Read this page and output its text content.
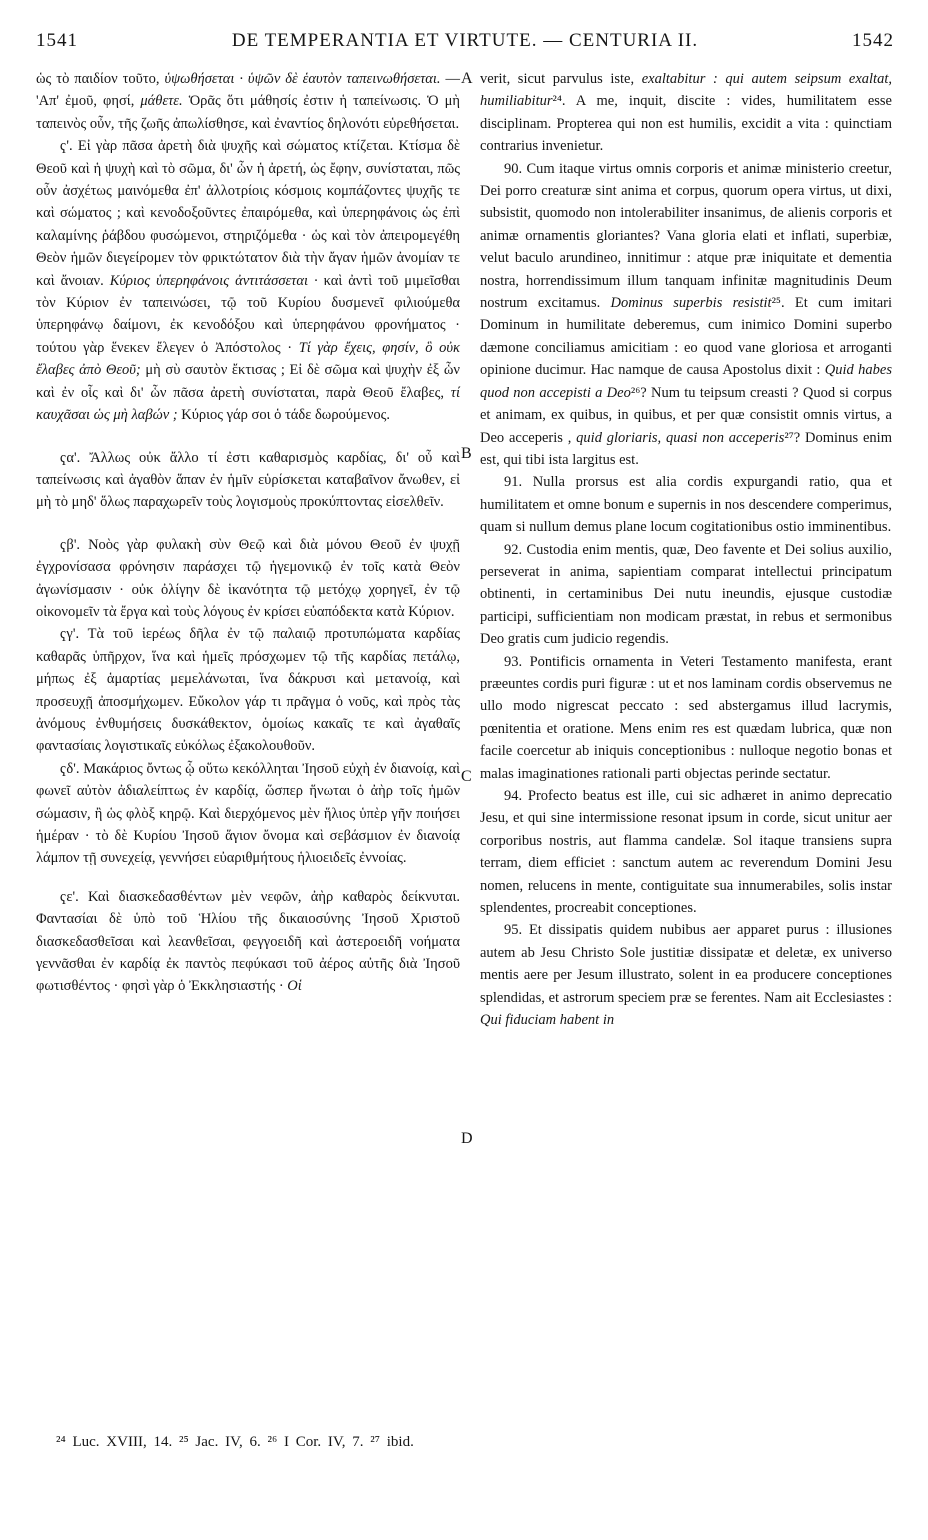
1541	DE TEMPERANTIA ET VIRTUTE. — CENTURIA II.	1542

ὡς τὸ παιδίον τοῦτο, ὑψωθήσεται · ὑψῶν δὲ ἑαυτὸν ταπεινωθήσεται. — 'Απ' ἐμοῦ, φησί, μάθετε. Ὁρᾶς ὅτι μάθησίς ἐστιν ἡ ταπείνωσις. Ὁ μὴ ταπεινὸς οὖν, τῆς ζωῆς ἀπωλίσθησε, καὶ ἐναντίος δηλονότι εὑρεθήσεται.

ҁ'. Εἰ γὰρ πᾶσα ἀρετὴ διὰ ψυχῆς καὶ σώματος κτίζεται. Κτίσμα δὲ Θεοῦ καὶ ἡ ψυχὴ καὶ τὸ σῶμα, δι' ὧν ἡ ἀρετή, ὡς ἔφην, συνίσταται, πῶς οὖν ἀσχέτως μαινόμεθα ἐπ' ἀλλοτρίοις κόσμοις κομπάζοντες ψυχῆς τε καὶ σώματος ; καὶ κενοδοξοῦντες ἐπαιρόμεθα, καὶ ὑπερηφάνοις ὡς ἐπὶ καλαμίνης ῥάβδου φυσώμενοι, στηριζόμεθα · ὡς καὶ τὸν ἀπειρομεγέθη Θεὸν ἡμῶν διεγείρομεν τὸν φρικτώτατον διὰ τὴν ἄγαν ἡμῶν ἀνομίαν τε καὶ ἄνοιαν. Κύριος ὑπερηφάνοις ἀντιτάσσεται · καὶ ἀντὶ τοῦ μιμεῖσθαι τὸν Κύριον ἐν ταπεινώσει, τῷ τοῦ Κυρίου δυσμενεῖ φιλιούμεθα ὑπερηφάνῳ δαίμονι, ἐκ κενοδόξου καὶ ὑπερηφάνου φρονήματος · τούτου γὰρ ἕνεκεν ἔλεγεν ὁ Ἀπόστολος · Τί γὰρ ἔχεις, φησίν, ὃ οὐκ ἔλαβες ἀπὸ Θεοῦ; μὴ σὺ σαυτὸν ἔκτισας ; Εἰ δὲ σῶμα καὶ ψυχὴν ἐξ ὧν καὶ ἐν οἷς καὶ δι' ὧν πᾶσα ἀρετὴ συνίσταται, παρὰ Θεοῦ ἔλαβες, τί καυχᾶσαι ὡς μὴ λαβών ; Κύριος γάρ σοι ὁ τάδε δωρούμενος.

ҁα'. Ἄλλως οὐκ ἄλλο τί ἐστι καθαρισμὸς καρδίας, δι' οὗ καὶ ταπείνωσις καὶ ἀγαθὸν ἅπαν ἐν ἡμῖν εὑρίσκεται καταβαῖνον ἄνωθεν, εἰ μὴ τὸ μηδ' ὅλως παραχωρεῖν τοὺς λογισμοὺς προκύπτοντας εἰσελθεῖν.

ҁβ'. Νοὸς γὰρ φυλακὴ σὺν Θεῷ καὶ διὰ μόνου Θεοῦ ἐν ψυχῇ ἐγχρονίσασα φρόνησιν παράσχει τῷ ἡγεμονικῷ ἐν τοῖς κατὰ Θεὸν ἀγωνίσμασιν · οὐκ ὀλίγην δὲ ἱκανότητα τῷ μετόχῳ χορηγεῖ, ἐν τῷ οἰκονομεῖν τὰ ἔργα καὶ τοὺς λόγους ἐν κρίσει εὐαπόδεκτα κατὰ Κύριον.

ҁγ'. Τὰ τοῦ ἱερέως δῆλα ἐν τῷ παλαιῷ προτυπώματα καρδίας καθαρᾶς ὑπῆρχον, ἵνα καὶ ἡμεῖς πρόσχωμεν τῷ τῆς καρδίας πετάλῳ, μήπως ἐξ ἁμαρτίας μεμελάνωται, ἵνα δάκρυσι καὶ μετανοίᾳ, καὶ προσευχῇ ἀποσμήχωμεν. Εὔκολον γάρ τι πρᾶγμα ὁ νοῦς, καὶ πρὸς τὰς ἀνόμους ἐνθυμήσεις δυσκάθεκτον, ὁμοίως κακαῖς τε καὶ ἀγαθαῖς φαντασίαις λογιστικαῖς εὐκόλως ἐξακολουθοῦν.

ҁδ'. Μακάριος ὄντως ᾧ οὕτω κεκόλληται Ἰησοῦ εὐχὴ ἐν διανοίᾳ, καὶ φωνεῖ αὐτὸν ἀδιαλείπτως ἐν καρδίᾳ, ὥσπερ ἥνωται ὁ ἀὴρ τοῖς ἡμῶν σώμασιν, ἢ ὡς φλὸξ κηρῷ. Καὶ διερχόμενος μὲν ἥλιος ὑπὲρ γῆν ποιήσει ἡμέραν · τὸ δὲ Κυρίου Ἰησοῦ ἅγιον ὄνομα καὶ σεβάσμιον ἐν διανοίᾳ λάμπον τῇ συνεχείᾳ, γεννήσει εὐαριθμήτους ἡλιοειδεῖς ἐννοίας.

ҁε'. Καὶ διασκεδασθέντων μὲν νεφῶν, ἀὴρ καθαρὸς δείκνυται. Φαντασίαι δὲ ὑπὸ τοῦ Ἡλίου τῆς δικαιοσύνης Ἰησοῦ Χριστοῦ διασκεδασθεῖσαι καὶ λεανθεῖσαι, φεγγοειδῆ καὶ ἀστεροειδῆ νοήματα γεννᾶσθαι ἐν καρδίᾳ ἐκ παντὸς πεφύκασι τοῦ ἀέρος αὐτῆς διὰ Ἰησοῦ φωτισθέντος · φησὶ γὰρ ὁ Ἐκκλησιαστής · Οἱ

A
B
C
D

verit, sicut parvulus iste, exaltabitur : qui autem seipsum exaltat, humiliabitur²⁴. A me, inquit, discite : vides, humilitatem esse disciplinam. Propterea qui non est humilis, excidit a vita : quinctiam contrarius invenietur.

90. Cum itaque virtus omnis corporis et animæ ministerio creetur, Dei porro creaturæ sint anima et corpus, quorum opera virtus, ut dixi, subsistit, quomodo non intolerabiliter insanimus, de alienis corporis et animæ ornamentis gloriantes? Vana gloria elati et inflati, superbiæ, velut baculo arundineo, innitimur : atque præ iniquitate et dementia nostra, horrendissimum illum tanquam infinitæ magnitudinis Deum nostrum excitamus. Dominus superbis resistit²⁵. Et cum imitari Dominum in humilitate deberemus, cum inimico Domini superbo dæmone conciliamus amicitiam : eo quod vane gloriosa et arroganti opinione ducimur. Hac namque de causa Apostolus dixit : Quid habes quod non accepisti a Deo²⁶? Num tu teipsum creasti ? Quod si corpus et animam, ex quibus, in quibus, et per quæ consistit omnis virtus, a Deo acceperis , quid gloriaris, quasi non acceperis²⁷? Dominus enim est, qui tibi ista largitus est.

91. Nulla prorsus est alia cordis expurgandi ratio, qua et humilitatem et omne bonum e supernis in nos descendere comperimus, quam si nullum demus plane locum cogitationibus ostio imminentibus.

92. Custodia enim mentis, quæ, Deo favente et Dei solius auxilio, perseverat in anima, sapientiam comparat intellectui principatum obtinenti, in certaminibus Dei nutu ineundis, ejusque custodiæ participi, sufficientiam non modicam præstat, in rebus et sermonibus Deo gratis cum judicio regendis.

93. Pontificis ornamenta in Veteri Testamento manifesta, erant præeuntes cordis puri figuræ : ut et nos laminam cordis observemus ne ullo modo nigrescat peccato : sed abstergamus illud lacrymis, pœnitentia et oratione. Mens enim res est quædam lubrica, quæ non facile coercetur ab iniquis conceptionibus : nulloque negotio bonas et malas imaginationes rationali parti objectas perinde sectatur.

94. Profecto beatus est ille, cui sic adhæret in animo deprecatio Jesu, et qui sine intermissione resonat ipsum in corde, sicut unitur aer corporibus nostris, aut flamma candelæ. Sol itaque transiens supra terram, diem efficiet : sanctum autem ac reverendum Domini Jesu nomen, relucens in mente, contiguitate sua innumerabiles, solis instar splendentes, procreabit conceptiones.

95. Et dissipatis quidem nubibus aer apparet purus : illusiones autem ab Jesu Christo Sole justitiæ dissipatæ et deletæ, ex universo mentis aere per Jesum illustrato, solent in ea producere conceptiones splendidas, et astrorum speciem præ se ferentes. Nam ait Ecclesiastes : Qui fiduciam habent in

²⁴ Luc. XVIII, 14. ²⁵ Jac. IV, 6. ²⁶ I Cor. IV, 7. ²⁷ ibid.
